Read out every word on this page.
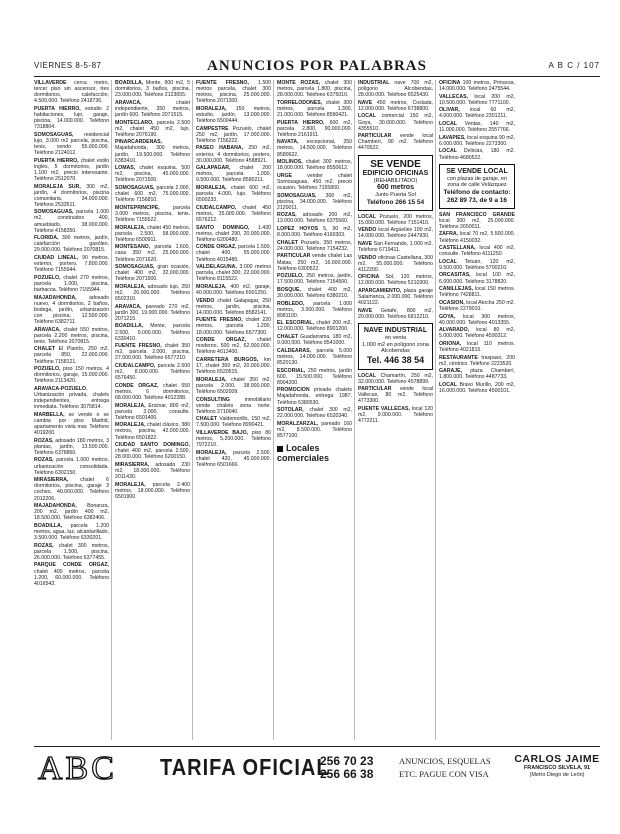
VIERNES 8-5-87	ANUNCIOS POR PALABRAS	A B C / 107

VILLAVERDE cerca metro, tercer piso sin ascensor, tres dormitorios, calefacción, 4.500.000. Teléfono 2418736.

PUERTA HIERRO, estudio 2 habitaciones, lujo, garaje, piscina, 14.000.000. Teléfono 7318804.

SOMOSAGUAS, residencial lujo, 3.000 m2 parcela, piscina, tenis, vendo 55.000.000. Teléfono 2124012.

PUERTA HIERRO, chalet estilo inglés, 5 dormitorios, jardín 1.100 m2, precio interesante. Teléfono 2512070.

MORALEJA SUR, 300 m2, jardín, 4 dormitorios, piscina comunitaria, 34.000.000. Teléfono 2533511.

SOMOSAGUAS, parcela 1.000 m2, construidos 400, amueblado, 38.000.000. Teléfono 4158350.

FLORIDA, 300 metros, jardín, calefacción gasóleo, 29.000.000. Teléfono 2070815.

CIUDAD LINEAL, 90 metros, exterior, portero, 7.800.000. Teléfono 7155944.

POZUELO, chalet 270 metros, parcela 1.000, piscina, barbacoa. Teléfono 7155944.

MAJADAHONDA, adosado nuevo, 4 dormitorios, 2 baños, bodega, jardín, urbanización con piscina, 12.500.000. Teléfono 6382711.

ARAVACA, chalet 550 metros, parcela 2.200 metros, piscina, tenis. Teléfono 2070815.

CHALET El Plantío, 250 m2, parcela 850, 22.000.000. Teléfono 7158121.

POZUELO, piso 150 metros, 4 dormitorios, garaje, 15.000.000. Teléfono 2113420.

ARAVACA-POZUELO. Urbanización privada, chalets independientes, entrega inmediata. Teléfono 3075814.

MARBELLA, se vende o se cambia por piso Madrid, apartamento vista mar. Teléfono 4019200.

ROZAS, adosado 180 metros, 3 plantas, jardín, 13.500.000. Teléfono 6378860.

ROZAS, parcela 1.000 metros, urbanización consolidada. Teléfono 6302150.

MIRASIERRA, chalet 6 dormitorios, piscina, garaje 3 coches, 40.000.000. Teléfono 2012206.

MAJADAHONDA, Bonanza, 200 m2, jardín 400 m2, 18.500.000. Teléfono 6382406.

BOADILLA, parcela 1.200 metros, agua, luz, alcantarillado, 3.500.000. Teléfono 6330201.

ROZAS, chalet 300 metros, parcela 1.500, piscina, 26.000.000. Teléfono 6377455.

PARQUE CONDE ORGAZ, chalet 400 metros, parcela 1.200, 60.000.000. Teléfono 4016543.

BOADILLA, Monte, 900 m2, 5 dormitorios, 3 baños, piscina, 23.000.000. Teléfono 2123655.

ARAVACA, chalet independiente, 350 metros, jardín 600. Teléfono 2071515.

MONTECLARO, parcela 2.500 m2, chalet 450 m2, lujo. Teléfono 2076190.

PINARCARDENAS, Majadahonda, 300 metros, jardín, 19.500.000. Teléfono 6383410.

LOMAS, chalet esquina, 500 m2, piscina, 45.000.000. Teléfono 2071500.

SOMOSAGUAS, parcela 2.000, chalet 600 m2, 75.000.000. Teléfono 7156810.

MONTEPRINCIPE, parcela 3.000 metros, piscina, tenis. Teléfono 7155522.

MORALEJA, chalet 450 metros, parcela 2.500, 58.000.000. Teléfono 6500911.

MONTESANO, parcela 1.600, casa 350 m2, 25.000.000. Teléfono 2071620.

SOMOSAGUAS, gran ocasión, chalet 400 m2, 32.000.000. Teléfono 2071900.

MORALEJA, adosado lujo, 250 m2, 26.000.000. Teléfono 6502310.

ARAVACA, pareado 270 m2, jardín 300, 19.000.000. Teléfono 2071215.

BOADILLA, Monte, parcela 2.500, 9.000.000. Teléfono 6330410.

FUENTE FRESNO, chalet 350 m2, parcela 2.000, piscina, 27.000.000. Teléfono 6577210.

CIUDALCAMPO, parcela 2.500 m2, 8.000.000. Teléfono 6576450.

CONDE ORGAZ, chalet 550 metros, 6 dormitorios, 68.000.000. Teléfono 4012288.

MORALEJA, Encinar, 800 m2, parcela 3.000, consulte. Teléfono 6501400.

MORALEJA, chalet clásico, 380 metros, piscina, 42.000.000. Teléfono 6501822.

CIUDAD SANTO DOMINGO, chalet 400 m2, parcela 2.500, 28.000.000. Teléfono 6200150.

MIRASIERRA, adosado 230 m2, 18.000.000. Teléfono 2011430.

MORALEJA, parcela 2.400 metros, 18.000.000. Teléfono 6501900.

FUENTE FRESNO, 1.500 metros parcela, chalet 300 metros, piscina, 25.000.000. Teléfono 2071300.

MORALEJA, 150 metros, estudio, jardín, 13.000.000. Teléfono 6500444.

CAMPESTRE Pozuelo, chalet 250 m2, jardín, 17.000.000. Teléfono 7156222.

PASEO HABANA, 250 m2, exterior, 4 dormitorios, portero, 30.000.000. Teléfono 4588921.

GALAPAGAR, chalet 200 metros, parcela 1.000, 9.500.000. Teléfono 8580211.

MORALEJA, chalet 600 m2, parcela 4.000, lujo. Teléfono 6500233.

CIUDALCAMPO, chalet 450 metros, 35.000.000. Teléfono 6576212.

SANTO DOMINGO, 1.430 metros, chalet 290, 20.000.000. Teléfono 6200480.

CONDE ORGAZ, parcela 1.500, chalet 400, 55.000.000. Teléfono 4015480.

VALDELAGUNA, 3.000 metros parcela, chalet 300, 22.000.000. Teléfono 8115522.

MORALEJA, 400 m2, garaje, 40.000.000. Teléfono 6501250.

VENDO chalet Galapagar, 250 metros, jardín, piscina, 14.000.000. Teléfono 8582141.

FUENTE FRESNO, chalet 220 metros, parcela 1.200, 18.000.000. Teléfono 6577300.

CONDE ORGAZ, chalet moderno, 500 m2, 62.000.000. Teléfono 4013400.

CARRETERA BURGOS, km 17, chalet 300 m2, 20.000.000. Teléfono 6520515.

MORALEJA, chalet 350 m2, parcela 2.000, 38.000.000. Teléfono 6502009.

CONSULTING inmobiliario vende chalets zona norte. Teléfono 2710040.

CHALET Valdemorillo, 150 m2, 7.500.000. Teléfono 8990421.

VILLAVERDE BAJO, piso 80 metros, 5.200.000. Teléfono 7972210.

MORALEJA, parcela 2.500, chalet 420, 45.000.000. Teléfono 6501666.

MONTE ROZAS, chalet 300 metros, parcela 1.800, piscina, 28.000.000. Teléfono 6375010.

TORRELODONES, chalet 300 metros, parcela 1.300, 21.000.000. Teléfono 8590421.

PUERTA HIERRO, 600 m2, parcela 2.800, 90.000.000. Teléfono 2161911.

NAVATA, excepcional, 250 metros, 14.500.000. Teléfono 8580622.

MOLINOS, chalet 300 metros, 18.000.000. Teléfono 8550612.

URGE vender chalet Somosaguas, 450 m2, precio ocasión. Teléfono 7155800.

SOMOSAGUAS, 300 m2, piscina, 34.000.000. Teléfono 2120011.

ROZAS, adosado 200 m2, 13.000.000. Teléfono 6375560.

LOPEZ HOYOS 5, 90 m2, 8.000.000. Teléfono 4160303.

CHALET Pozuelo, 350 metros, 24.000.000. Teléfono 7154232.

PARTICULAR vende chalet Las Matas, 250 m2, 16.000.000. Teléfono 6300522.

POZUELO, 250 metros, jardín, 17.500.000. Teléfono 7154500.

BOSQUE, chalet 400 m2, 30.000.000. Teléfono 6380210.

ROBLEDO, parcela 1.000 metros, 3.000.000. Teléfono 8981100.

EL ESCORIAL, chalet 200 m2, 12.000.000. Teléfono 8901200.

CHALET Guadarrama, 180 m2, 9.000.000. Teléfono 8541000.

CALDEARAS, parcela 5.000 metros, 14.000.000. Teléfono 8520130.

ESCORIAL, 250 metros, jardín 600, 15.500.000. Teléfono 8904200.

PROMOCION privada chalets Majadahonda, entrega 1987. Teléfono 6380530.

SOTOLAR, chalet 300 m2, 22.000.000. Teléfono 6520340.

MORALZARZAL, pareado 160 m2, 8.500.000. Teléfono 8577100.

Locales comerciales

INDUSTRIAL nave 700 m2, polígono Alcobendas, 28.000.000. Teléfono 6525430.

NAVE 450 metros, Coslada, 12.000.000. Teléfono 6738800.

LOCAL comercial 150 m2, Goya, 30.000.000. Teléfono 4355510.

PARTICULAR vende local Chamberí, 90 m2. Teléfono 4470522.

SE VENDE
EDIFICIO OFICINAS
(REHABILITADO)
600 metros
Junto Puerta Sol
Teléfono 266 15 54

LOCAL Pozuelo, 200 metros, 15.000.000. Teléfono 7151410.

VENDO local Argüelles 100 m2, 14.000.000. Teléfono 2447930.

NAVE San Fernando, 1.000 m2. Teléfono 6719411.

VENDO oficinas Castellana, 300 m2, 55.000.000. Teléfono 4112200.

OFICINA Sol, 120 metros, 12.000.000. Teléfono 5210300.

APARCAMIENTO, plaza garaje Salamanca, 2.000.000. Teléfono 4021122.

NAVE Getafe, 800 m2, 20.000.000. Teléfono 6812210.

NAVE INDUSTRIAL
en venta
1.000 m2 en polígono zona Alcobendas
Tel. 446 38 54

LOCAL Chamartín, 250 m2, 32.000.000. Teléfono 4578899.

PARTICULAR vende local Vallecas, 80 m2. Teléfono 4773300.

PUENTE VALLECAS, local 120 m2, 9.000.000. Teléfono 4772211.

OFICINA 100 metros, Princesa, 14.000.000. Teléfono 2475544.

VALLECAS, local 200 m2, 10.500.000. Teléfono 7771100.

OLIVAR, local 60 m2, 4.000.000. Teléfono 2301211.

LOCAL Ventas, 140 m2, 11.000.000. Teléfono 2557766.

LAVAPIES, local esquina 90 m2, 6.000.000. Teléfono 2273300.

LOCAL Delicias, 180 m2. Teléfono 4680522.

SE VENDE LOCAL
con plazas de garaje, en zona de calle Velázquez
Teléfono de contacto: 262 89 73, de 9 a 16

SAN FRANCISCO GRANDE local 300 m2, 25.000.000. Teléfono 2650011.

ZAFRA, local 70 m2, 5.500.000. Teléfono 4150032.

CASTELLANA, local 400 m2, consulte. Teléfono 4111250.

LOCAL Tetuán, 120 m2, 9.500.000. Teléfono 5700210.

ORCASITAS, local 100 m2, 6.000.000. Teléfono 3178820.

CANILLEJAS, local 150 metros. Teléfono 7428811.

OCASION, local Atocha 250 m2. Teléfono 2279010.

GOYA, local 300 metros, 40.000.000. Teléfono 4013355.

ALVARADO, local 80 m2, 5.000.000. Teléfono 4590312.

ORIONA, local 110 metros. Teléfono 4021815.

RESTAURANTE traspaso, 200 m2, céntrico. Teléfono 2223520.

GARAJE, plaza Chamberí, 1.800.000. Teléfono 4487733.

LOCAL Bravo Murillo, 200 m2, 16.000.000. Teléfono 4500101.

ABC TARIFA OFICIAL
256 70 23
256 66 38
ANUNCIOS, ESQUELAS
ETC. PAGUE CON VISA
CARLOS JAIME
FRANCISCO SILVELA, 91
(Metro Diego de León)
